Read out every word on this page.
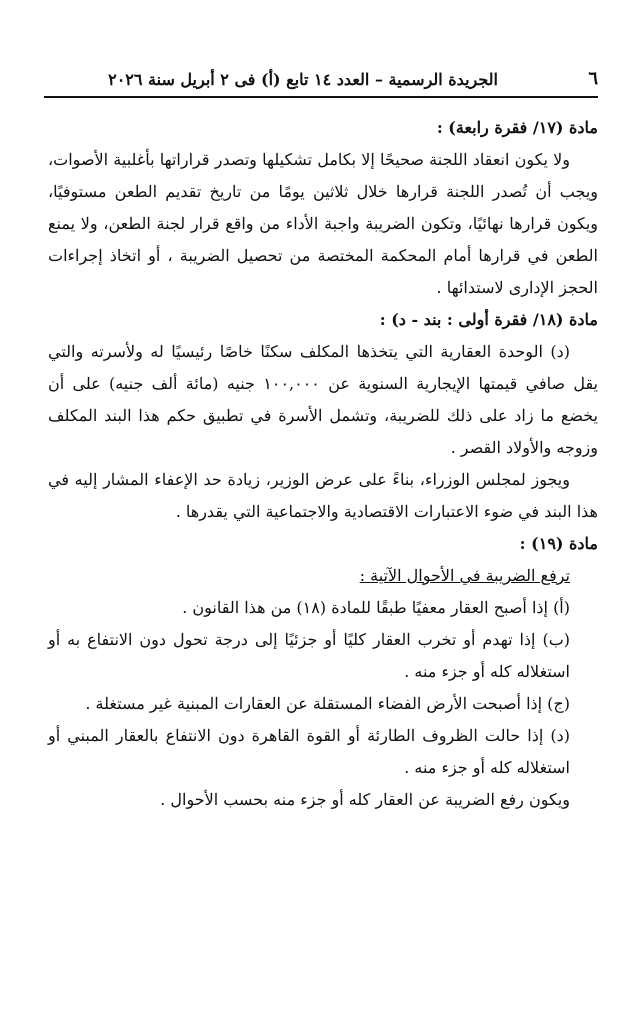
٦
الجريدة الرسمية – العدد ١٤ تابع (أ) فى ٢ أبريل سنة ٢٠٢٦

مادة (١٧/ فقرة رابعة) :

ولا يكون انعقاد اللجنة صحيحًا إلا بكامل تشكيلها وتصدر قراراتها بأغلبية الأصوات، ويجب أن تُصدر اللجنة قرارها خلال ثلاثين يومًا من تاريخ تقديم الطعن مستوفيًا، ويكون قرارها نهائيًا، وتكون الضريبة واجبة الأداء من واقع قرار لجنة الطعن، ولا يمنع الطعن في قرارها أمام المحكمة المختصة من تحصيل الضريبة ، أو اتخاذ إجراءات الحجز الإدارى لاستدائها .

مادة (١٨/ فقرة أولى : بند - د) :

(د) الوحدة العقارية التي يتخذها المكلف سكنًا خاصًا رئيسيًا له ولأسرته والتي يقل صافي قيمتها الإيجارية السنوية عن ١٠٠,٠٠٠ جنيه (مائة ألف جنيه) على أن يخضع ما زاد على ذلك للضريبة، وتشمل الأسرة في تطبيق حكم هذا البند المكلف وزوجه والأولاد القصر .

ويجوز لمجلس الوزراء، بناءً على عرض الوزير، زيادة حد الإعفاء المشار إليه في هذا البند في ضوء الاعتبارات الاقتصادية والاجتماعية التي يقدرها .

مادة (١٩) :

ترفع الضريبة في الأحوال الآتية :

(أ) إذا أصبح العقار معفيًا طبقًا للمادة (١٨) من هذا القانون .

(ب) إذا تهدم أو تخرب العقار كليًا أو جزئيًا إلى درجة تحول دون الانتفاع به أو استغلاله كله أو جزء منه .

(ج) إذا أصبحت الأرض الفضاء المستقلة عن العقارات المبنية غير مستغلة .

(د) إذا حالت الظروف الطارئة أو القوة القاهرة دون الانتفاع بالعقار المبني أو استغلاله كله أو جزء منه .

ويكون رفع الضريبة عن العقار كله أو جزء منه بحسب الأحوال .
